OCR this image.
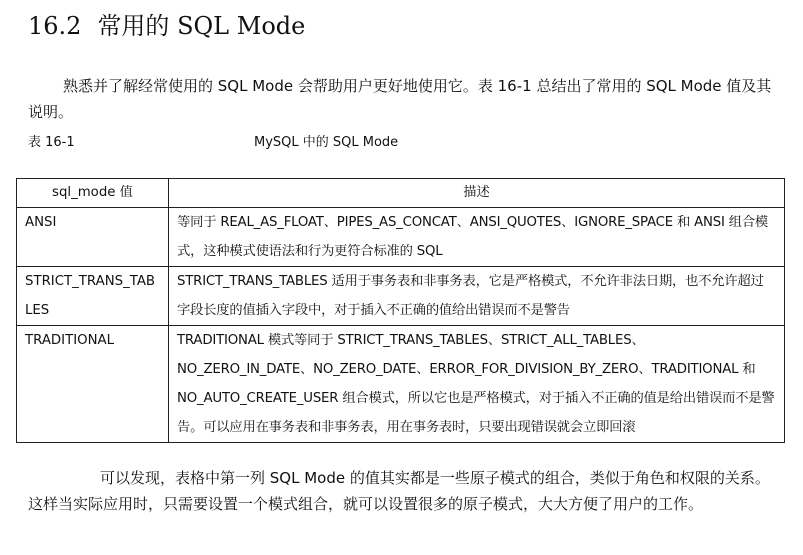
16.2 常用的 SQL Mode
熟悉并了解经常使用的 SQL Mode 会帮助用户更好地使用它。表 16-1 总结出了常用的 SQL Mode 值及其说明。
表 16-1	MySQL 中的 SQL Mode
sql_mode 值	描述
ANSI	等同于 REAL_AS_FLOAT、PIPES_AS_CONCAT、ANSI_QUOTES、IGNORE_SPACE 和 ANSI 组合模式，这种模式使语法和行为更符合标准的 SQL
STRICT_TRANS_TABLES	STRICT_TRANS_TABLES 适用于事务表和非事务表，它是严格模式，不允许非法日期，也不允许超过字段长度的值插入字段中，对于插入不正确的值给出错误而不是警告
TRADITIONAL	TRADITIONAL 模式等同于 STRICT_TRANS_TABLES、STRICT_ALL_TABLES、NO_ZERO_IN_DATE、NO_ZERO_DATE、ERROR_FOR_DIVISION_BY_ZERO、TRADITIONAL 和 NO_AUTO_CREATE_USER 组合模式，所以它也是严格模式，对于插入不正确的值是给出错误而不是警告。可以应用在事务表和非事务表，用在事务表时，只要出现错误就会立即回滚
可以发现，表格中第一列 SQL Mode 的值其实都是一些原子模式的组合，类似于角色和权限的关系。这样当实际应用时，只需要设置一个模式组合，就可以设置很多的原子模式，大大方便了用户的工作。
